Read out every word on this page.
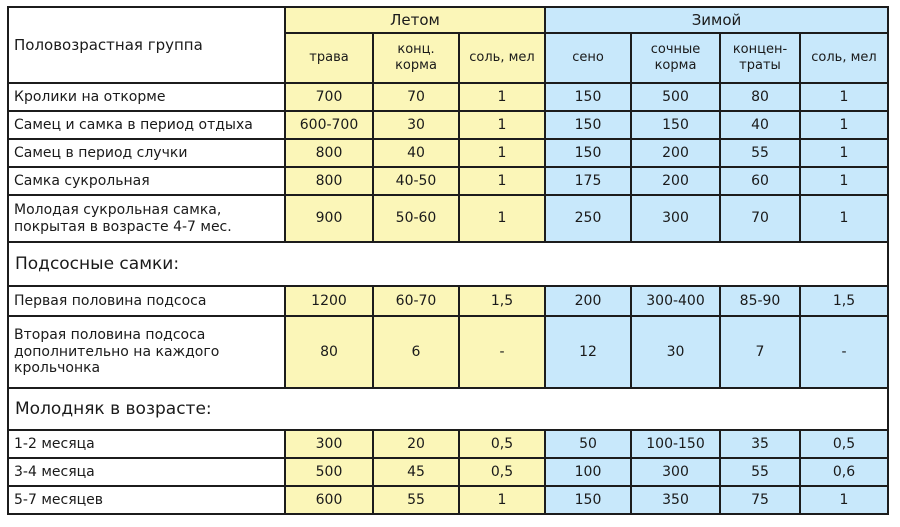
Половозрастная группа	Летом			Зимой			
	трава	конц. корма	соль, мел	сено	сочные корма	концен-траты	соль, мел
Кролики на откорме	700	70	1	150	500	80	1
Самец и самка в период отдыха	600-700	30	1	150	150	40	1
Самец в период случки	800	40	1	150	200	55	1
Самка сукрольная	800	40-50	1	175	200	60	1
Молодая сукрольная самка, покрытая в возрасте 4-7 мес.	900	50-60	1	250	300	70	1
Подсосные самки:							
Первая половина подсоса	1200	60-70	1,5	200	300-400	85-90	1,5
Вторая половина подсоса дополнительно на каждого крольчонка	80	6	-	12	30	7	-
Молодняк в возрасте:							
1-2 месяца	300	20	0,5	50	100-150	35	0,5
3-4 месяца	500	45	0,5	100	300	55	0,6
5-7 месяцев	600	55	1	150	350	75	1
